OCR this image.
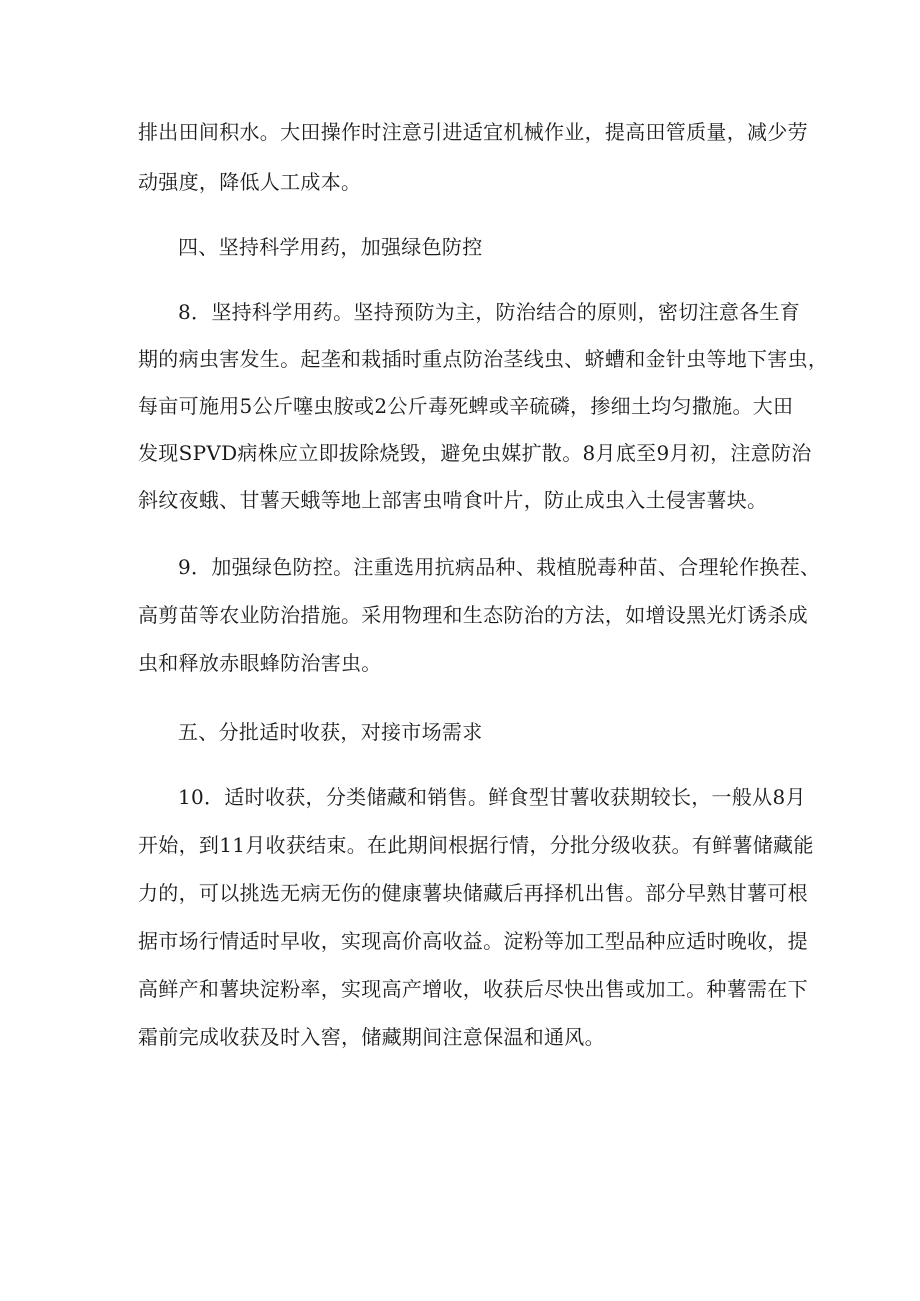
排出田间积水。大田操作时注意引进适宜机械作业，提高田管质量，减少劳
动强度，降低人工成本。
四、坚持科学用药，加强绿色防控
8．坚持科学用药。坚持预防为主，防治结合的原则，密切注意各生育
期的病虫害发生。起垄和栽插时重点防治茎线虫、蛴螬和金针虫等地下害虫，
每亩可施用5公斤噻虫胺或2公斤毒死蜱或辛硫磷，掺细土均匀撒施。大田
发现SPVD病株应立即拔除烧毁，避免虫媒扩散。8月底至9月初，注意防治
斜纹夜蛾、甘薯天蛾等地上部害虫啃食叶片，防止成虫入土侵害薯块。
9．加强绿色防控。注重选用抗病品种、栽植脱毒种苗、合理轮作换茬、
高剪苗等农业防治措施。采用物理和生态防治的方法，如增设黑光灯诱杀成
虫和释放赤眼蜂防治害虫。
五、分批适时收获，对接市场需求
10．适时收获，分类储藏和销售。鲜食型甘薯收获期较长，一般从8月
开始，到11月收获结束。在此期间根据行情，分批分级收获。有鲜薯储藏能
力的，可以挑选无病无伤的健康薯块储藏后再择机出售。部分早熟甘薯可根
据市场行情适时早收，实现高价高收益。淀粉等加工型品种应适时晚收，提
高鲜产和薯块淀粉率，实现高产增收，收获后尽快出售或加工。种薯需在下
霜前完成收获及时入窖，储藏期间注意保温和通风。
